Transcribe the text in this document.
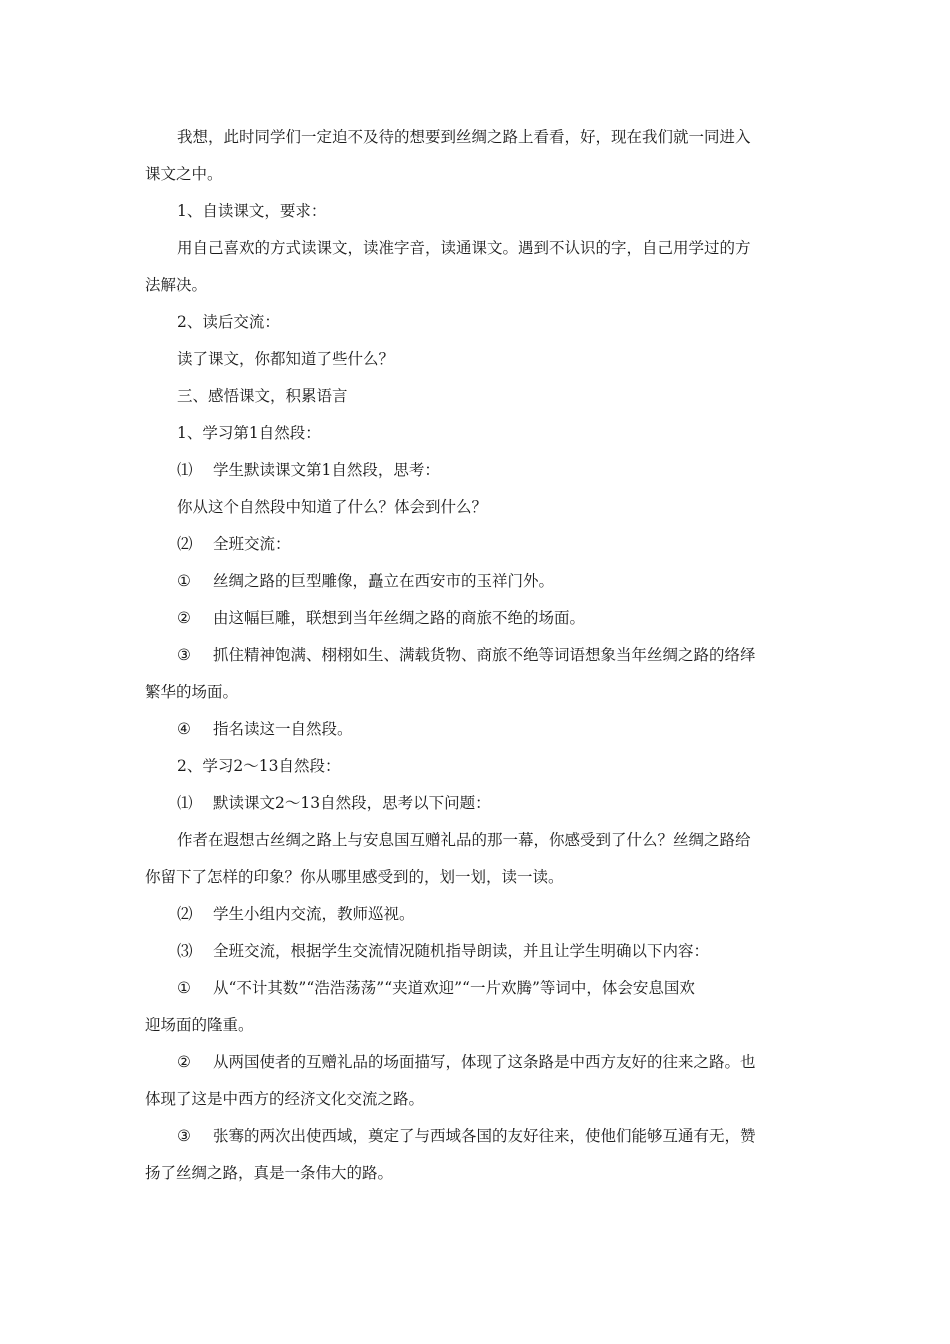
我想，此时同学们一定迫不及待的想要到丝绸之路上看看，好，现在我们就一同进入

课文之中。

1、自读课文，要求：

用自己喜欢的方式读课文，读准字音，读通课文。遇到不认识的字，自己用学过的方

法解决。

2、读后交流：

读了课文，你都知道了些什么？

三、感悟课文，积累语言

1、学习第1自然段：

⑴ 学生默读课文第1自然段，思考：

你从这个自然段中知道了什么？体会到什么？

⑵ 全班交流：

① 丝绸之路的巨型雕像，矗立在西安市的玉祥门外。

② 由这幅巨雕，联想到当年丝绸之路的商旅不绝的场面。

③ 抓住精神饱满、栩栩如生、满载货物、商旅不绝等词语想象当年丝绸之路的络绎

繁华的场面。

④ 指名读这一自然段。

2、学习2～13自然段：

⑴ 默读课文2～13自然段，思考以下问题：

作者在遐想古丝绸之路上与安息国互赠礼品的那一幕，你感受到了什么？丝绸之路给

你留下了怎样的印象？你从哪里感受到的，划一划，读一读。

⑵ 学生小组内交流，教师巡视。

⑶ 全班交流，根据学生交流情况随机指导朗读，并且让学生明确以下内容：

① 从“不计其数”“浩浩荡荡”“夹道欢迎”“一片欢腾”等词中，体会安息国欢

迎场面的隆重。

② 从两国使者的互赠礼品的场面描写，体现了这条路是中西方友好的往来之路。也

体现了这是中西方的经济文化交流之路。

③ 张骞的两次出使西域，奠定了与西域各国的友好往来，使他们能够互通有无，赞

扬了丝绸之路，真是一条伟大的路。
